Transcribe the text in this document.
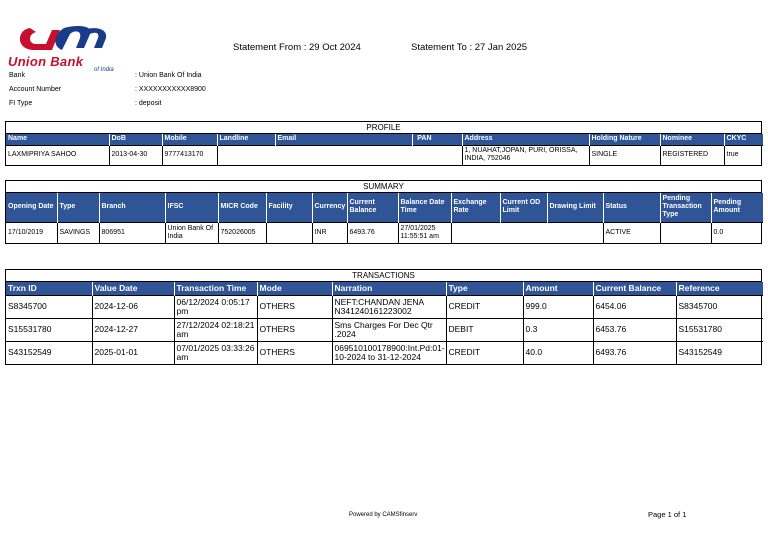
Union Bank
of India
Statement From : 29 Oct 2024	Statement To : 27 Jan 2025
Bank	: Union Bank Of India
Account Number	: XXXXXXXXXXX8900
FI Type	: deposit
PROFILE
Name	DoB	Mobile	Landline	Email	PAN	Address	Holding Nature	Nominee	CKYC
LAXMIPRIYA SAHOO	2013-04-30	9777413170				1, NUAHAT,JOPAN, PURI, ORISSA, INDIA, 752046	SINGLE	REGISTERED	true
SUMMARY
Opening Date	Type	Branch	IFSC	MICR Code	Facility	Currency	Current Balance	Balance Date Time	Exchange Rate	Current OD Limit	Drawing Limit	Status	Pending Transaction Type	Pending Amount
17/10/2019	SAVINGS	806951	Union Bank Of India	752026005		INR	6493.76	27/01/2025 11:55:51 am				ACTIVE		0.0
TRANSACTIONS
Trxn ID	Value Date	Transaction Time	Mode	Narration	Type	Amount	Current Balance	Reference
S8345700	2024-12-06	06/12/2024 0:05:17 pm	OTHERS	NEFT:CHANDAN JENA N341240161223002	CREDIT	999.0	6454.06	S8345700
S15531780	2024-12-27	27/12/2024 02:18:21 am	OTHERS	Sms Charges For Dec Qtr .2024	DEBIT	0.3	6453.76	S15531780
S43152549	2025-01-01	07/01/2025 03:33:26 am	OTHERS	069510100178900:Int.Pd:01-10-2024 to 31-12-2024	CREDIT	40.0	6493.76	S43152549
Powered by CAMSfinserv	Page 1 of 1
